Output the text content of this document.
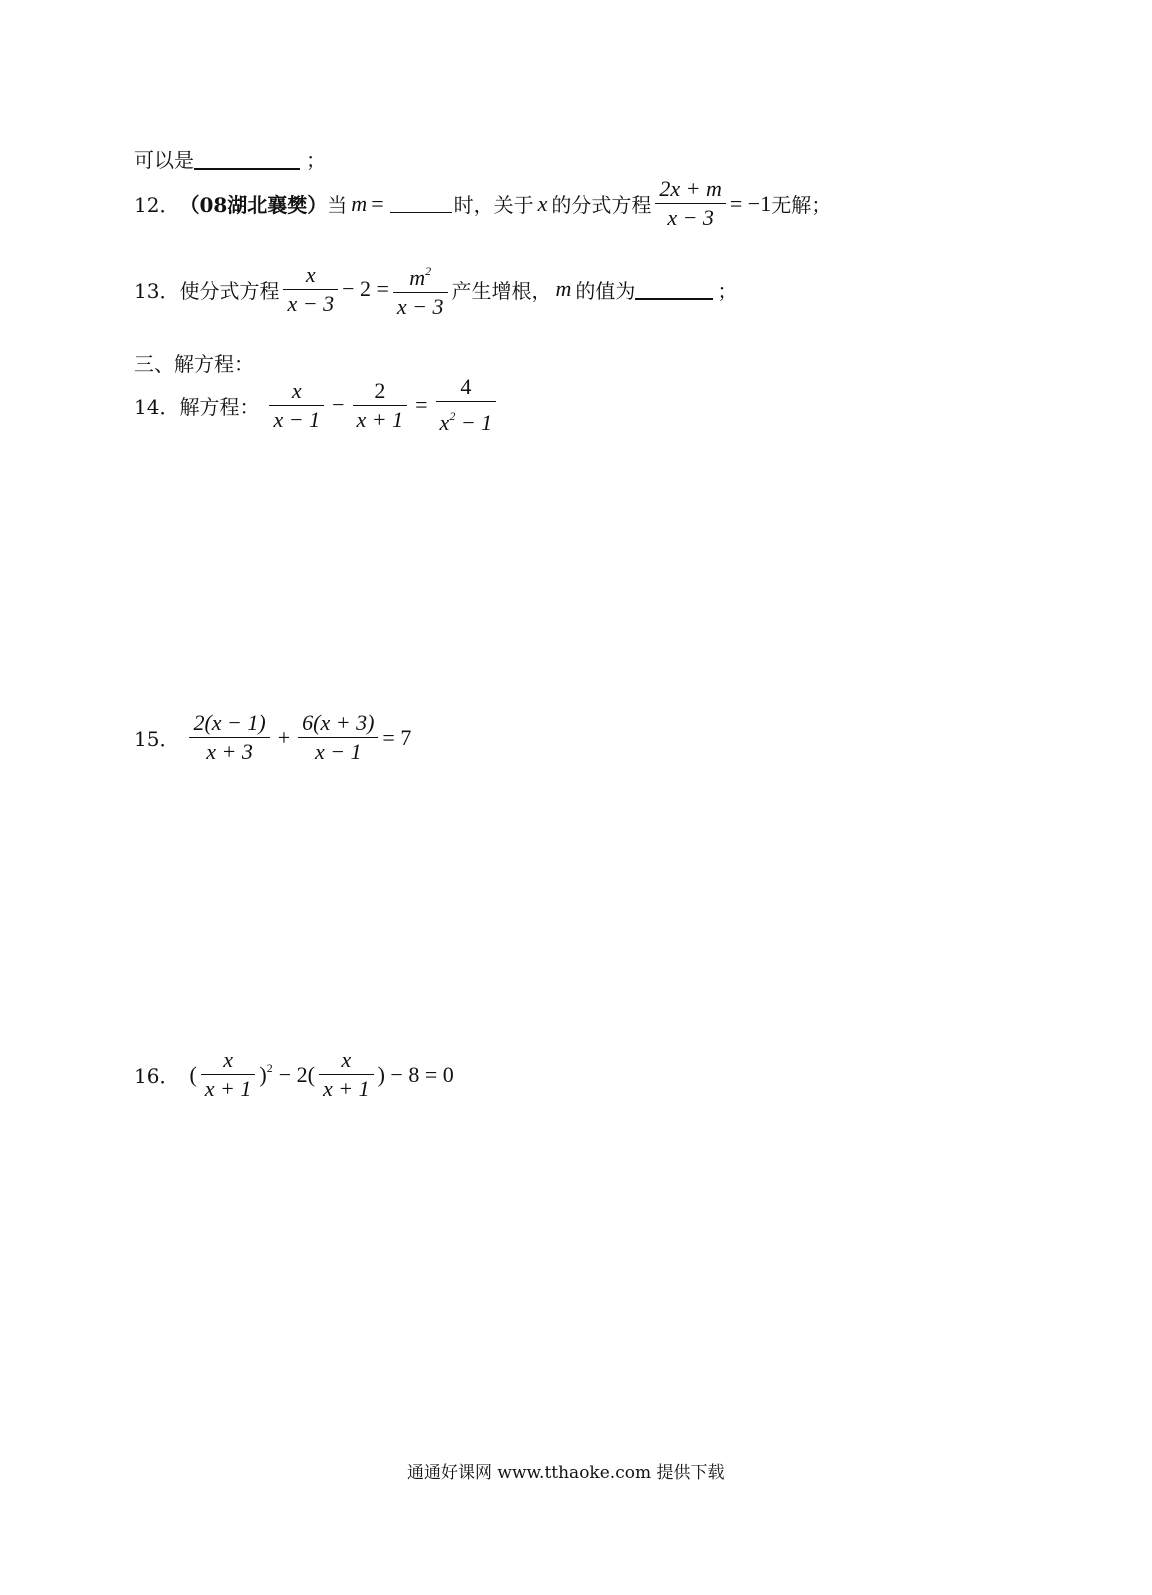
可以是	；
12． （08湖北襄樊） 当 m =	时，关于 x 的分式方程 $\frac{2x + m}{x - 3} = -1$ 无解；
13． 使分式方程 $\frac{x}{x - 3} - 2 = \frac{m^2}{x - 3}$ 产生增根， m 的值为	；
三、解方程：
14． 解方程： $\frac{x}{x - 1} - \frac{2}{x + 1} = \frac{4}{x^2 - 1}$
15． $\frac{2(x - 1)}{x + 3} + \frac{6(x + 3)}{x - 1} = 7$
16． ( $\frac{x}{x + 1} )^2 - 2( \frac{x}{x + 1}$ ) − 8 = 0
通通好课网 www.tthaoke.com 提供下载
